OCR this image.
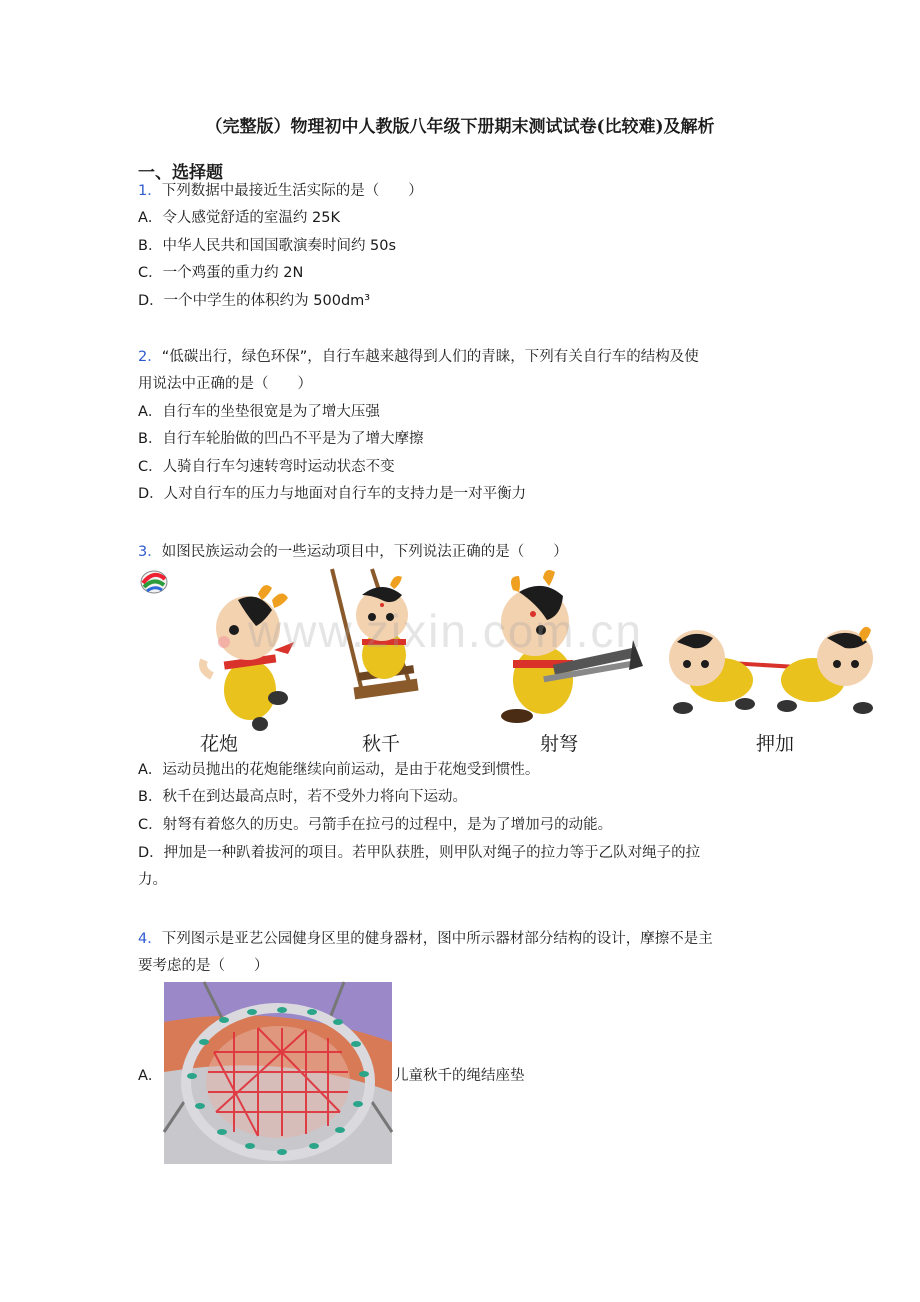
（完整版）物理初中人教版八年级下册期末测试试卷(比较难)及解析
一、选择题
1．下列数据中最接近生活实际的是（　　）
A．令人感觉舒适的室温约 25K
B．中华人民共和国国歌演奏时间约 50s
C．一个鸡蛋的重力约 2N
D．一个中学生的体积约为 500dm³
2．“低碳出行，绿色环保”，自行车越来越得到人们的青睐，下列有关自行车的结构及使
用说法中正确的是（　　）
A．自行车的坐垫很宽是为了增大压强
B．自行车轮胎做的凹凸不平是为了增大摩擦
C．人骑自行车匀速转弯时运动状态不变
D．人对自行车的压力与地面对自行车的支持力是一对平衡力
3．如图民族运动会的一些运动项目中，下列说法正确的是（　　）
www.zixin.com.cn
花炮	秋千	射弩	押加
A．运动员抛出的花炮能继续向前运动，是由于花炮受到惯性。
B．秋千在到达最高点时，若不受外力将向下运动。
C．射弩有着悠久的历史。弓箭手在拉弓的过程中，是为了增加弓的动能。
D．押加是一种趴着拔河的项目。若甲队获胜，则甲队对绳子的拉力等于乙队对绳子的拉
力。
4．下列图示是亚艺公园健身区里的健身器材，图中所示器材部分结构的设计，摩擦不是主
要考虑的是（　　）
A．	儿童秋千的绳结座垫
